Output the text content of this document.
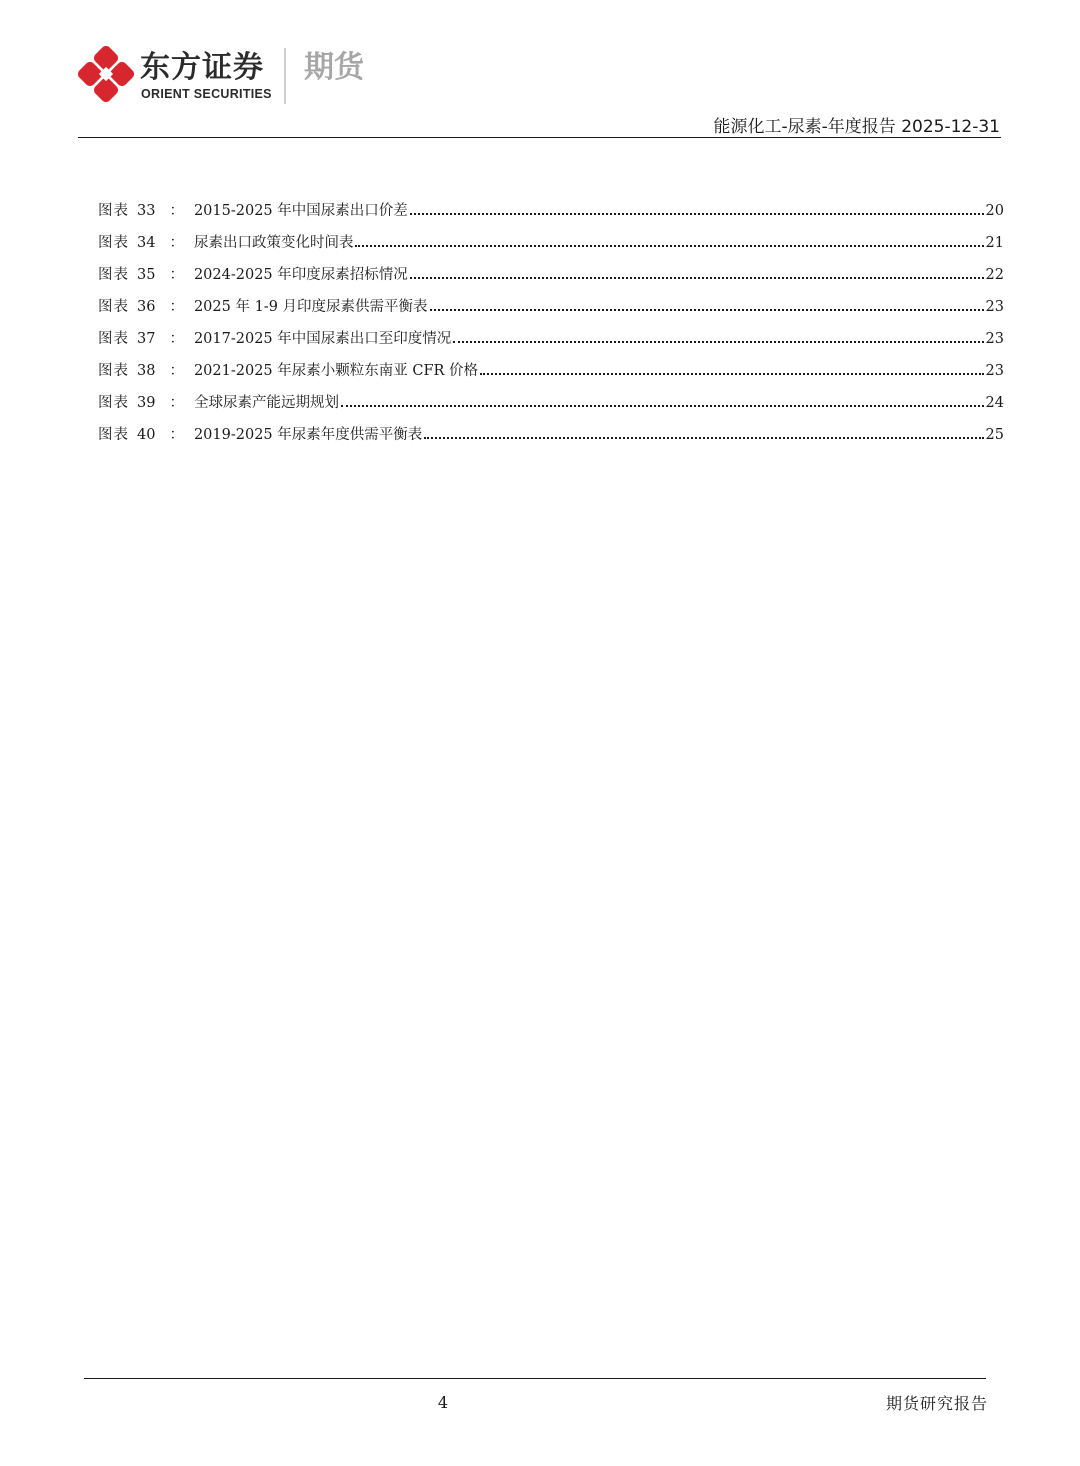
东方证券
ORIENT SECURITIES
期货
能源化工-尿素-年度报告 2025-12-31
图表 33 ： 2015-2025 年中国尿素出口价差	20
图表 34 ： 尿素出口政策变化时间表	21
图表 35 ： 2024-2025 年印度尿素招标情况	22
图表 36 ： 2025 年 1-9 月印度尿素供需平衡表	23
图表 37 ： 2017-2025 年中国尿素出口至印度情况	23
图表 38 ： 2021-2025 年尿素小颗粒东南亚 CFR 价格	23
图表 39 ： 全球尿素产能远期规划	24
图表 40 ： 2019-2025 年尿素年度供需平衡表	25
4	期货研究报告
